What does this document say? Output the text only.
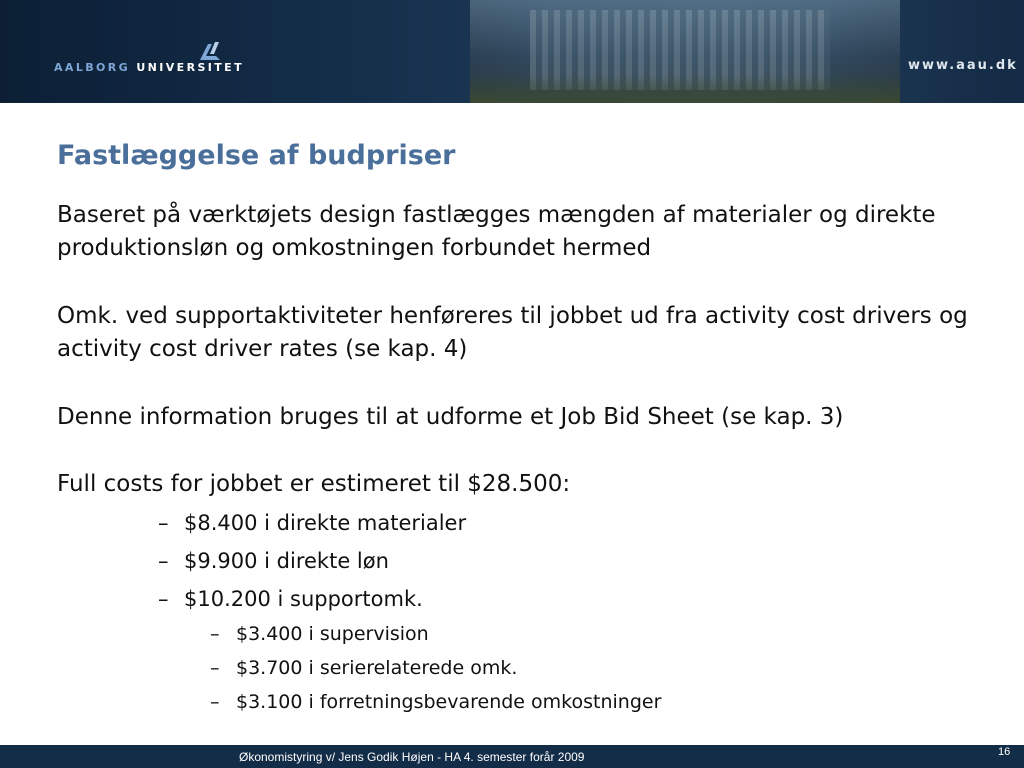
AALBORG UNIVERSITET	www.aau.dk
Fastlæggelse af budpriser
Baseret på værktøjets design fastlægges mængden af materialer og direkte produktionsløn og omkostningen forbundet hermed
Omk. ved supportaktiviteter henføreres til jobbet ud fra activity cost drivers og activity cost driver rates (se kap. 4)
Denne information bruges til at udforme et Job Bid Sheet (se kap. 3)
Full costs for jobbet er estimeret til $28.500:
– $8.400 i direkte materialer
– $9.900 i direkte løn
– $10.200 i supportomk.
– $3.400 i supervision
– $3.700 i serierelaterede omk.
– $3.100 i forretningsbevarende omkostninger
Økonomistyring v/ Jens Godik Højen - HA 4. semester forår 2009	16
